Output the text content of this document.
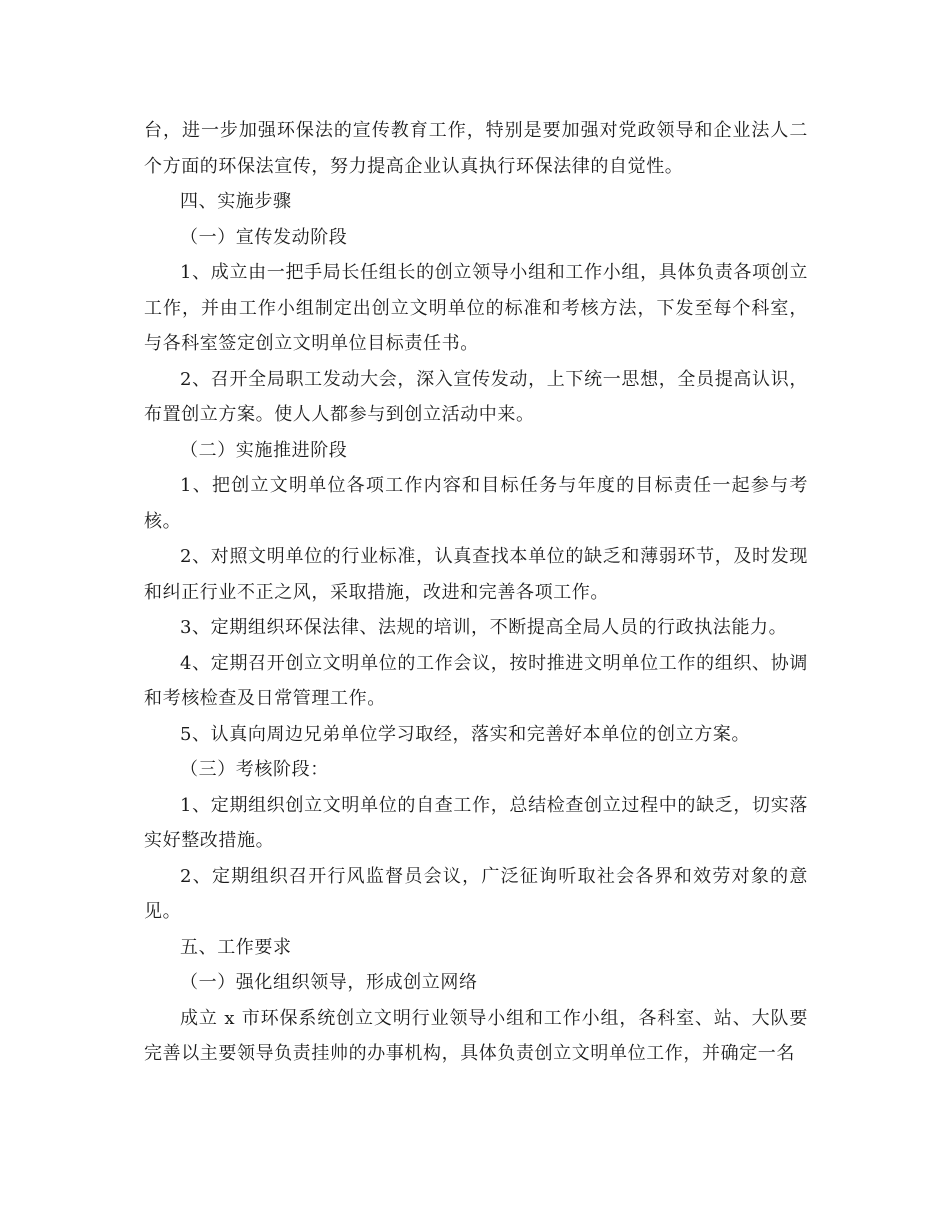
台，进一步加强环保法的宣传教育工作，特别是要加强对党政领导和企业法人二个方面的环保法宣传，努力提高企业认真执行环保法律的自觉性。

四、实施步骤

（一）宣传发动阶段

1、成立由一把手局长任组长的创立领导小组和工作小组，具体负责各项创立工作，并由工作小组制定出创立文明单位的标准和考核方法，下发至每个科室，与各科室签定创立文明单位目标责任书。

2、召开全局职工发动大会，深入宣传发动，上下统一思想，全员提高认识，布置创立方案。使人人都参与到创立活动中来。

（二）实施推进阶段

1、把创立文明单位各项工作内容和目标任务与年度的目标责任一起参与考核。

2、对照文明单位的行业标准，认真查找本单位的缺乏和薄弱环节，及时发现和纠正行业不正之风，采取措施，改进和完善各项工作。

3、定期组织环保法律、法规的培训，不断提高全局人员的行政执法能力。

4、定期召开创立文明单位的工作会议，按时推进文明单位工作的组织、协调和考核检查及日常管理工作。

5、认真向周边兄弟单位学习取经，落实和完善好本单位的创立方案。

（三）考核阶段：

1、定期组织创立文明单位的自查工作，总结检查创立过程中的缺乏，切实落实好整改措施。

2、定期组织召开行风监督员会议，广泛征询听取社会各界和效劳对象的意见。

五、工作要求

（一）强化组织领导，形成创立网络

成立 x 市环保系统创立文明行业领导小组和工作小组，各科室、站、大队要完善以主要领导负责挂帅的办事机构，具体负责创立文明单位工作，并确定一名
